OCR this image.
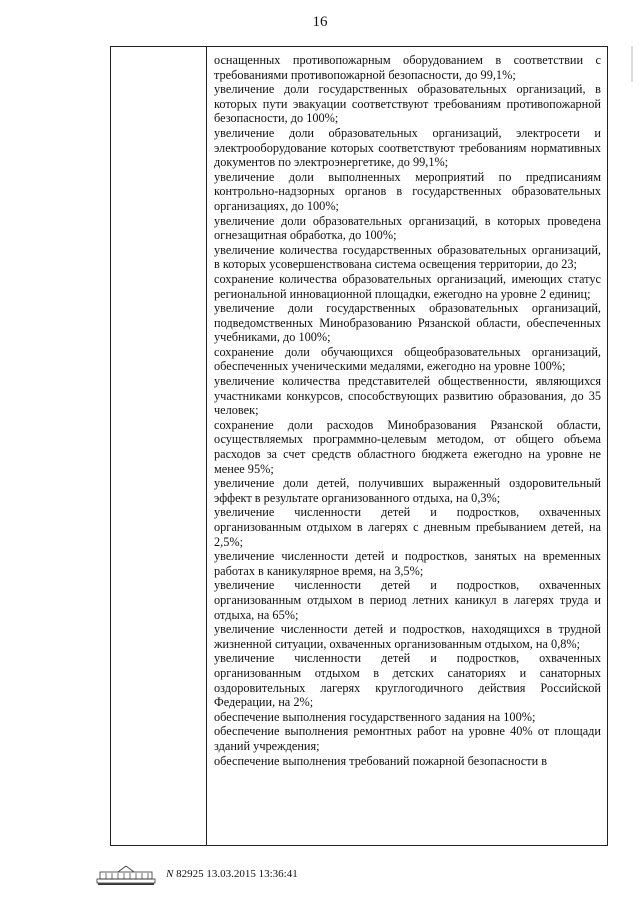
16

оснащенных противопожарным оборудованием в соответствии с требованиями противопожарной безопасности, до 99,1%;

увеличение доли государственных образовательных организаций, в которых пути эвакуации соответствуют требованиям противопожарной безопасности, до 100%;

увеличение доли образовательных организаций, электросети и электрооборудование которых соответствуют требованиям нормативных документов по электроэнергетике, до 99,1%;

увеличение доли выполненных мероприятий по предписаниям контрольно-надзорных органов в государственных образовательных организациях, до 100%;

увеличение доли образовательных организаций, в которых проведена огнезащитная обработка, до 100%;

увеличение количества государственных образовательных организаций, в которых усовершенствована система освещения территории, до 23;

сохранение количества образовательных организаций, имеющих статус региональной инновационной площадки, ежегодно на уровне 2 единиц;

увеличение доли государственных образовательных организаций, подведомственных Минобразованию Рязанской области, обеспеченных учебниками, до 100%;

сохранение доли обучающихся общеобразовательных организаций, обеспеченных ученическими медалями, ежегодно на уровне 100%;

увеличение количества представителей общественности, являющихся участниками конкурсов, способствующих развитию образования, до 35 человек;

сохранение доли расходов Минобразования Рязанской области, осуществляемых программно-целевым методом, от общего объема расходов за счет средств областного бюджета ежегодно на уровне не менее 95%;

увеличение доли детей, получивших выраженный оздоровительный эффект в результате организованного отдыха, на 0,3%;

увеличение численности детей и подростков, охваченных организованным отдыхом в лагерях с дневным пребыванием детей, на 2,5%;

увеличение численности детей и подростков, занятых на временных работах в каникулярное время, на 3,5%;

увеличение численности детей и подростков, охваченных организованным отдыхом в период летних каникул в лагерях труда и отдыха, на 65%;

увеличение численности детей и подростков, находящихся в трудной жизненной ситуации, охваченных организованным отдыхом, на 0,8%;

увеличение численности детей и подростков, охваченных организованным отдыхом в детских санаториях и санаторных оздоровительных лагерях круглогодичного действия Российской Федерации, на 2%;

обеспечение выполнения государственного задания на 100%;

обеспечение выполнения ремонтных работ на уровне 40% от площади зданий учреждения;

обеспечение выполнения требований пожарной безопасности в

N 82925 13.03.2015 13:36:41
